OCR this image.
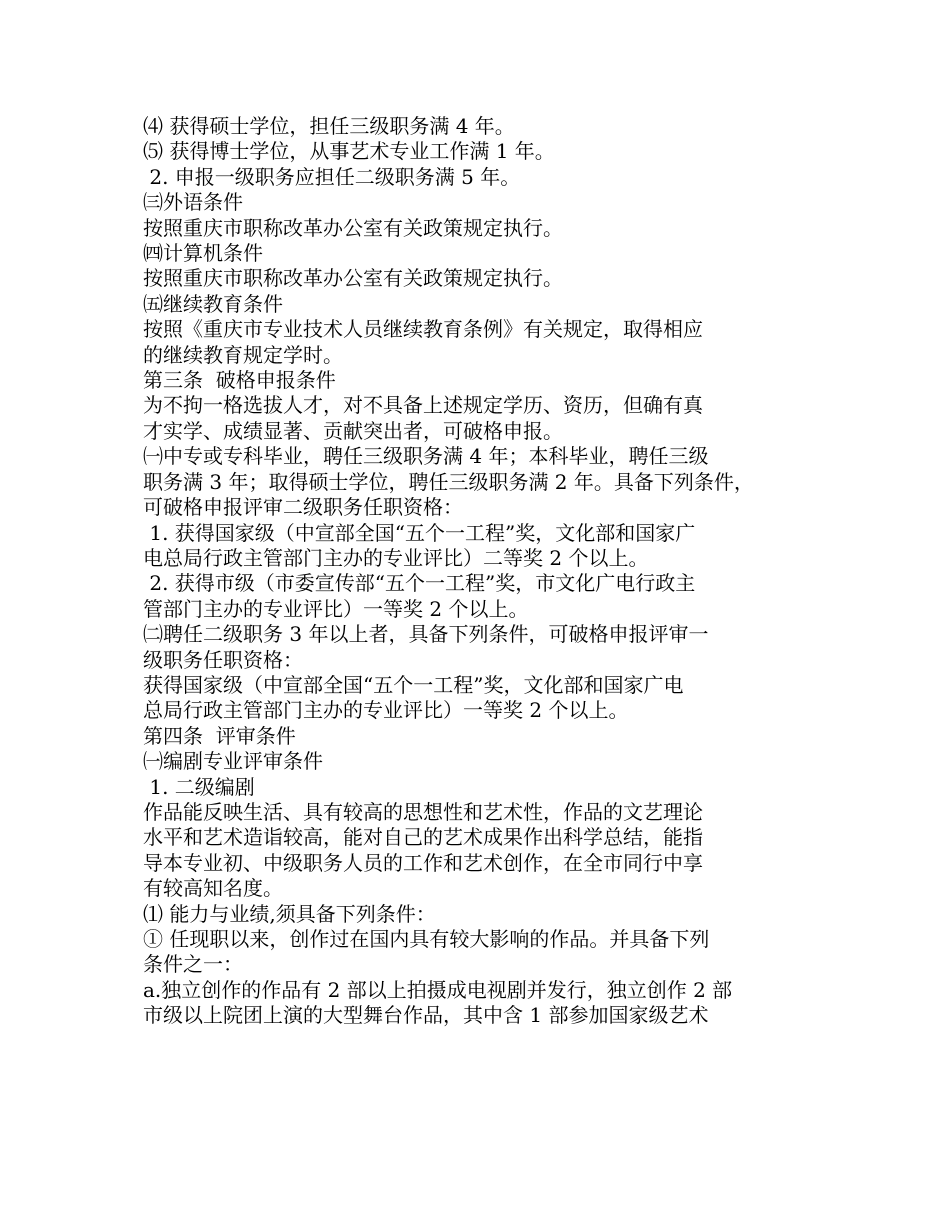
⑷ 获得硕士学位，担任三级职务满 4 年。
⑸ 获得博士学位，从事艺术专业工作满 1 年。
2. 申报一级职务应担任二级职务满 5 年。
㈢外语条件
按照重庆市职称改革办公室有关政策规定执行。
㈣计算机条件
按照重庆市职称改革办公室有关政策规定执行。
㈤继续教育条件
按照《重庆市专业技术人员继续教育条例》有关规定，取得相应
的继续教育规定学时。
第三条  破格申报条件
为不拘一格选拔人才，对不具备上述规定学历、资历，但确有真
才实学、成绩显著、贡献突出者，可破格申报。
㈠中专或专科毕业，聘任三级职务满 4 年；本科毕业，聘任三级
职务满 3 年；取得硕士学位，聘任三级职务满 2 年。具备下列条件，
可破格申报评审二级职务任职资格：
1. 获得国家级（中宣部全国“五个一工程”奖，文化部和国家广
电总局行政主管部门主办的专业评比）二等奖 2 个以上。
2. 获得市级（市委宣传部“五个一工程”奖，市文化广电行政主
管部门主办的专业评比）一等奖 2 个以上。
㈡聘任二级职务 3 年以上者，具备下列条件，可破格申报评审一
级职务任职资格：
获得国家级（中宣部全国“五个一工程”奖，文化部和国家广电
总局行政主管部门主办的专业评比）一等奖 2 个以上。
第四条  评审条件
㈠编剧专业评审条件
1. 二级编剧
作品能反映生活、具有较高的思想性和艺术性，作品的文艺理论
水平和艺术造诣较高，能对自己的艺术成果作出科学总结，能指
导本专业初、中级职务人员的工作和艺术创作，在全市同行中享
有较高知名度。
⑴ 能力与业绩,须具备下列条件：
① 任现职以来，创作过在国内具有较大影响的作品。并具备下列
条件之一：
a.独立创作的作品有 2 部以上拍摄成电视剧并发行，独立创作 2 部
市级以上院团上演的大型舞台作品，其中含 1 部参加国家级艺术
